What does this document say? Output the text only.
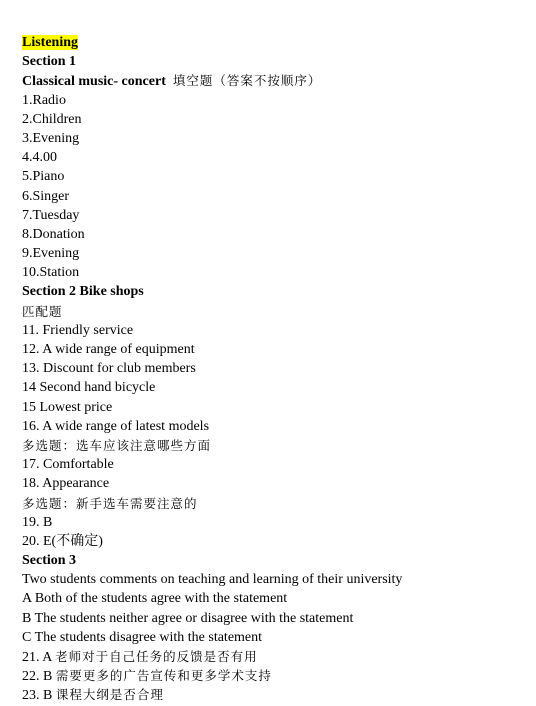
Listening
Section 1
Classical music- concert 填空题（答案不按顺序）
1.Radio
2.Children
3.Evening
4.4.00
5.Piano
6.Singer
7.Tuesday
8.Donation
9.Evening
10.Station
Section 2 Bike shops
匹配题
11. Friendly service
12. A wide range of equipment
13. Discount for club members
14 Second hand bicycle
15 Lowest price
16. A wide range of latest models
多选题：选车应该注意哪些方面
17. Comfortable
18. Appearance
多选题：新手选车需要注意的
19. B
20. E(不确定)
Section 3
Two students comments on teaching and learning of their university
A Both of the students agree with the statement
B The students neither agree or disagree with the statement
C The students disagree with the statement
21. A 老师对于自己任务的反馈是否有用
22. B 需要更多的广告宣传和更多学术支持
23. B 课程大纲是否合理
